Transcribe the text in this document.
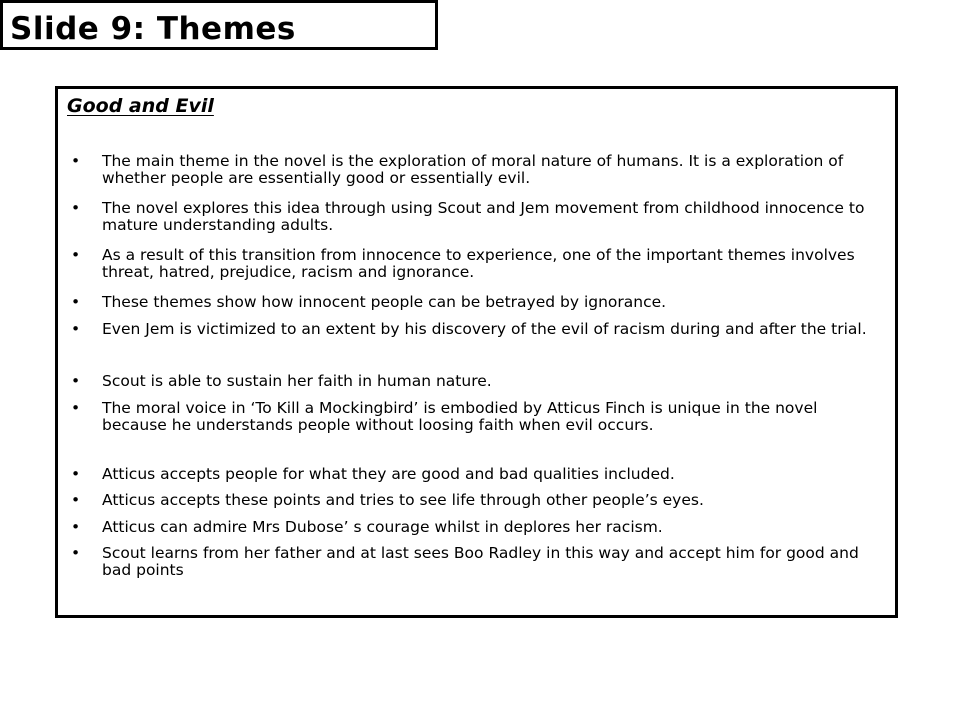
Slide 9: Themes
Good and Evil
•	The main theme in the novel is the exploration of moral nature of humans. It is a exploration of whether people are essentially good or essentially evil.
•	The novel explores this idea through using Scout and Jem movement from childhood innocence to mature understanding adults.
•	As a result of this transition from innocence to experience, one of the important themes involves threat, hatred, prejudice, racism and ignorance.
•	These themes show how innocent people can be betrayed by ignorance.
•	Even Jem is victimized to an extent by his discovery of the evil of racism during and after the trial.
•	Scout is able to sustain her faith in human nature.
•	The moral voice in ‘To Kill a Mockingbird’ is embodied by Atticus Finch is unique in the novel because he understands people without loosing faith when evil occurs.
•	Atticus accepts people for what they are good and bad qualities included.
•	Atticus accepts these points and tries to see life through other people’s eyes.
•	Atticus can admire Mrs Dubose’ s courage whilst in deplores her racism.
•	Scout learns from her father and at last sees Boo Radley in this way and accept him for good and bad points
